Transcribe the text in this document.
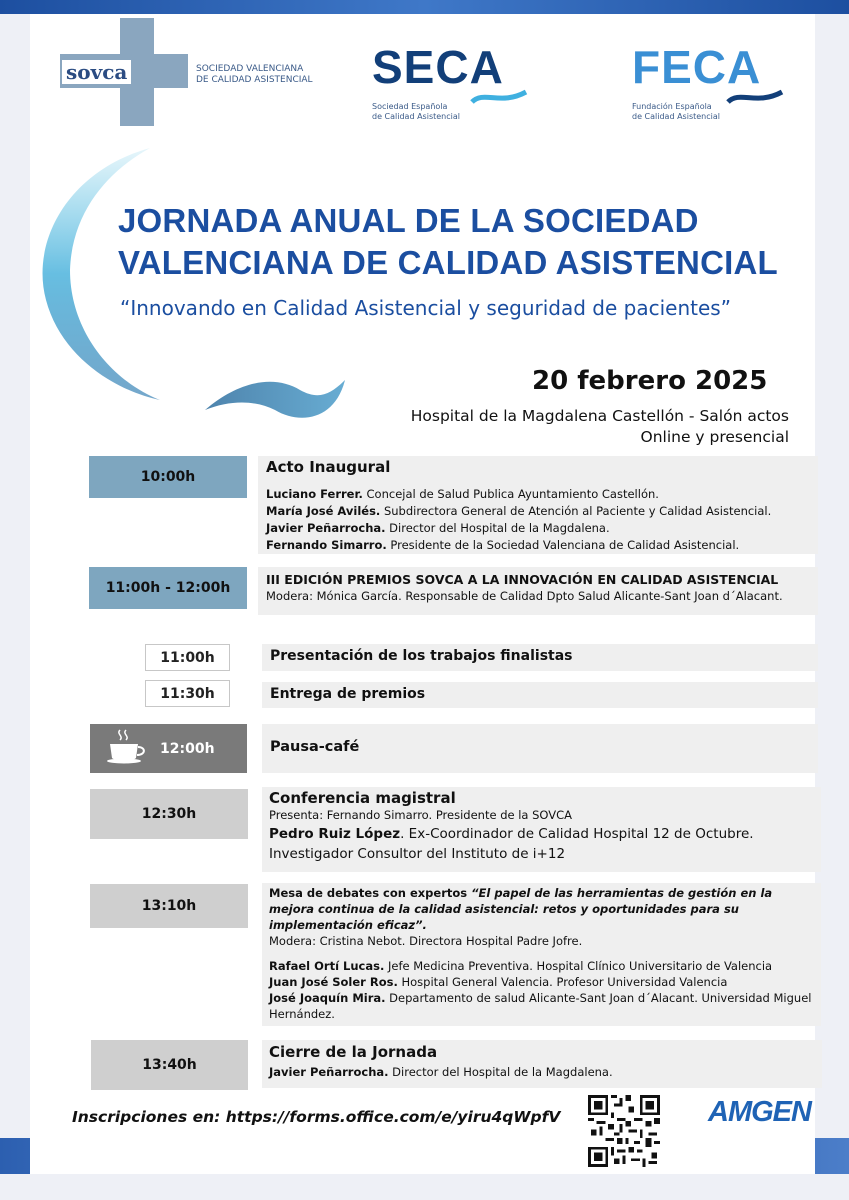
sovca	SOCIEDAD VALENCIANA
DE CALIDAD ASISTENCIAL SECA
Sociedad Española
de Calidad Asistencial
FECA
Fundación Española
de Calidad Asistencial
JORNADA ANUAL DE LA SOCIEDAD
VALENCIANA DE CALIDAD ASISTENCIAL
“Innovando en Calidad Asistencial y seguridad de pacientes”
20 febrero 2025
Hospital de la Magdalena Castellón - Salón actos
Online y presencial
10:00h
Acto Inaugural
Luciano Ferrer. Concejal de Salud Publica Ayuntamiento Castellón.
María José Avilés. Subdirectora General de Atención al Paciente y Calidad Asistencial.
Javier Peñarrocha. Director del Hospital de la Magdalena.
Fernando Simarro. Presidente de la Sociedad Valenciana de Calidad Asistencial.
11:00h - 12:00h
III EDICIÓN PREMIOS SOVCA A LA INNOVACIÓN EN CALIDAD ASISTENCIAL
Modera: Mónica García. Responsable de Calidad Dpto Salud Alicante-Sant Joan d´Alacant.
11:00h	Presentación de los trabajos finalistas
11:30h	Entrega de premios
12:00h	Pausa-café
12:30h
Conferencia magistral
Presenta: Fernando Simarro. Presidente de la SOVCA
Pedro Ruiz López. Ex-Coordinador de Calidad Hospital 12 de Octubre.
Investigador Consultor del Instituto de i+12
13:10h
Mesa de debates con expertos “El papel de las herramientas de gestión en la mejora continua de la calidad asistencial: retos y oportunidades para su implementación eficaz”.
Modera: Cristina Nebot. Directora Hospital Padre Jofre.
Rafael Ortí Lucas. Jefe Medicina Preventiva. Hospital Clínico Universitario de Valencia
Juan José Soler Ros. Hospital General Valencia. Profesor Universidad Valencia
José Joaquín Mira. Departamento de salud Alicante-Sant Joan d´Alacant. Universidad Miguel Hernández.
13:40h
Cierre de la Jornada
Javier Peñarrocha. Director del Hospital de la Magdalena.
Inscripciones en: https://forms.office.com/e/yiru4qWpfV	AMGEN
